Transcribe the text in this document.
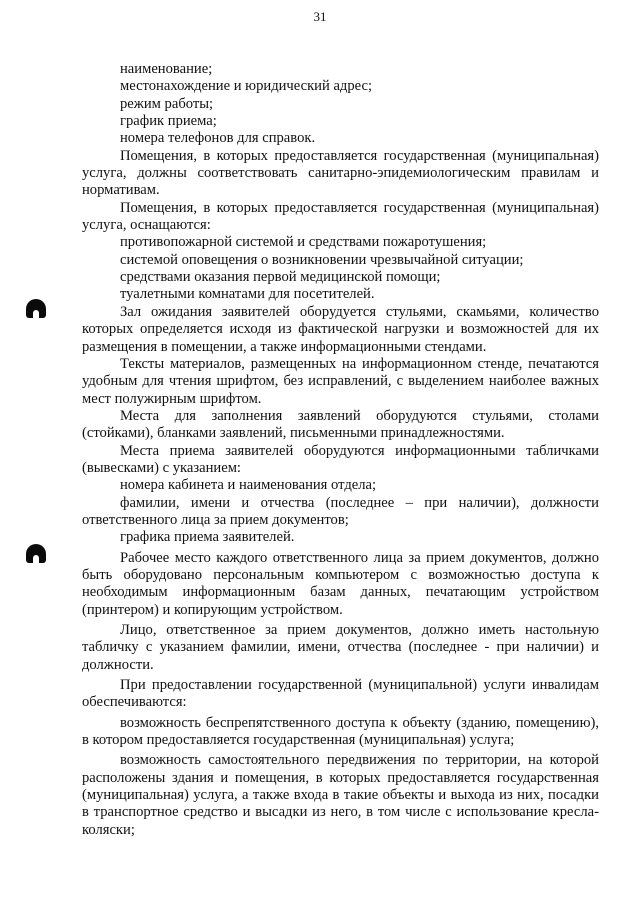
31

наименование;

местонахождение и юридический адрес;

режим работы;

график приема;

номера телефонов для справок.

Помещения, в которых предоставляется государственная (муниципальная) услуга, должны соответствовать санитарно-эпидемиологическим правилам и нормативам.

Помещения, в которых предоставляется государственная (муниципальная) услуга, оснащаются:

противопожарной системой и средствами пожаротушения;

системой оповещения о возникновении чрезвычайной ситуации;

средствами оказания первой медицинской помощи;

туалетными комнатами для посетителей.

Зал ожидания заявителей оборудуется стульями, скамьями, количество которых определяется исходя из фактической нагрузки и возможностей для их размещения в помещении, а также информационными стендами.

Тексты материалов, размещенных на информационном стенде, печатаются удобным для чтения шрифтом, без исправлений, с выделением наиболее важных мест полужирным шрифтом.

Места для заполнения заявлений оборудуются стульями, столами (стойками), бланками заявлений, письменными принадлежностями.

Места приема заявителей оборудуются информационными табличками (вывесками) с указанием:

номера кабинета и наименования отдела;

фамилии, имени и отчества (последнее – при наличии), должности ответственного лица за прием документов;

графика приема заявителей.

Рабочее место каждого ответственного лица за прием документов, должно быть оборудовано персональным компьютером с возможностью доступа к необходимым информационным базам данных, печатающим устройством (принтером) и копирующим устройством.

Лицо, ответственное за прием документов, должно иметь настольную табличку с указанием фамилии, имени, отчества (последнее - при наличии) и должности.

При предоставлении государственной (муниципальной) услуги инвалидам обеспечиваются:

возможность беспрепятственного доступа к объекту (зданию, помещению), в котором предоставляется государственная (муниципальная) услуга;

возможность самостоятельного передвижения по территории, на которой расположены здания и помещения, в которых предоставляется государственная (муниципальная) услуга, а также входа в такие объекты и выхода из них, посадки в транспортное средство и высадки из него, в том числе с использование кресла-коляски;
